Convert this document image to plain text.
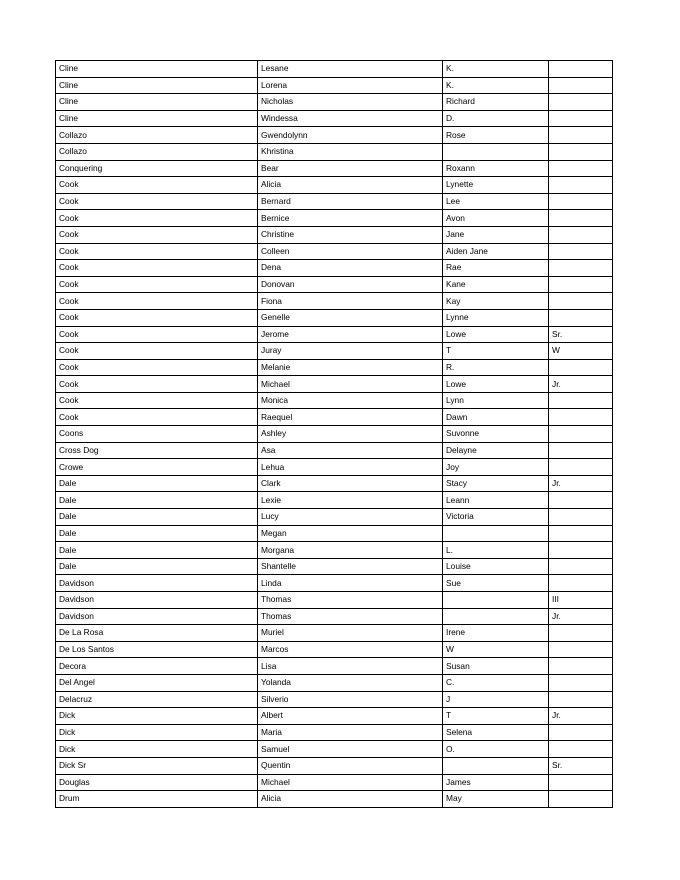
Cline	Lesane	K.	
Cline	Lorena	K.	
Cline	Nicholas	Richard	
Cline	Windessa	D.	
Collazo	Gwendolynn	Rose	
Collazo	Khristina		
Conquering	Bear	Roxann	
Cook	Alicia	Lynette	
Cook	Bernard	Lee	
Cook	Bernice	Avon	
Cook	Christine	Jane	
Cook	Colleen	Aiden Jane	
Cook	Dena	Rae	
Cook	Donovan	Kane	
Cook	Fiona	Kay	
Cook	Genelle	Lynne	
Cook	Jerome	Lowe	Sr.
Cook	Juray	T	W
Cook	Melanie	R.	
Cook	Michael	Lowe	Jr.
Cook	Monica	Lynn	
Cook	Raequel	Dawn	
Coons	Ashley	Suvonne	
Cross Dog	Asa	Delayne	
Crowe	Lehua	Joy	
Dale	Clark	Stacy	Jr.
Dale	Lexie	Leann	
Dale	Lucy	Victoria	
Dale	Megan		
Dale	Morgana	L.	
Dale	Shantelle	Louise	
Davidson	Linda	Sue	
Davidson	Thomas		III
Davidson	Thomas		Jr.
De La Rosa	Muriel	Irene	
De Los Santos	Marcos	W	
Decora	Lisa	Susan	
Del Angel	Yolanda	C.	
Delacruz	Silverio	J	
Dick	Albert	T	Jr.
Dick	Maria	Selena	
Dick	Samuel	O.	
Dick Sr	Quentin		Sr.
Douglas	Michael	James	
Drum	Alicia	May	
